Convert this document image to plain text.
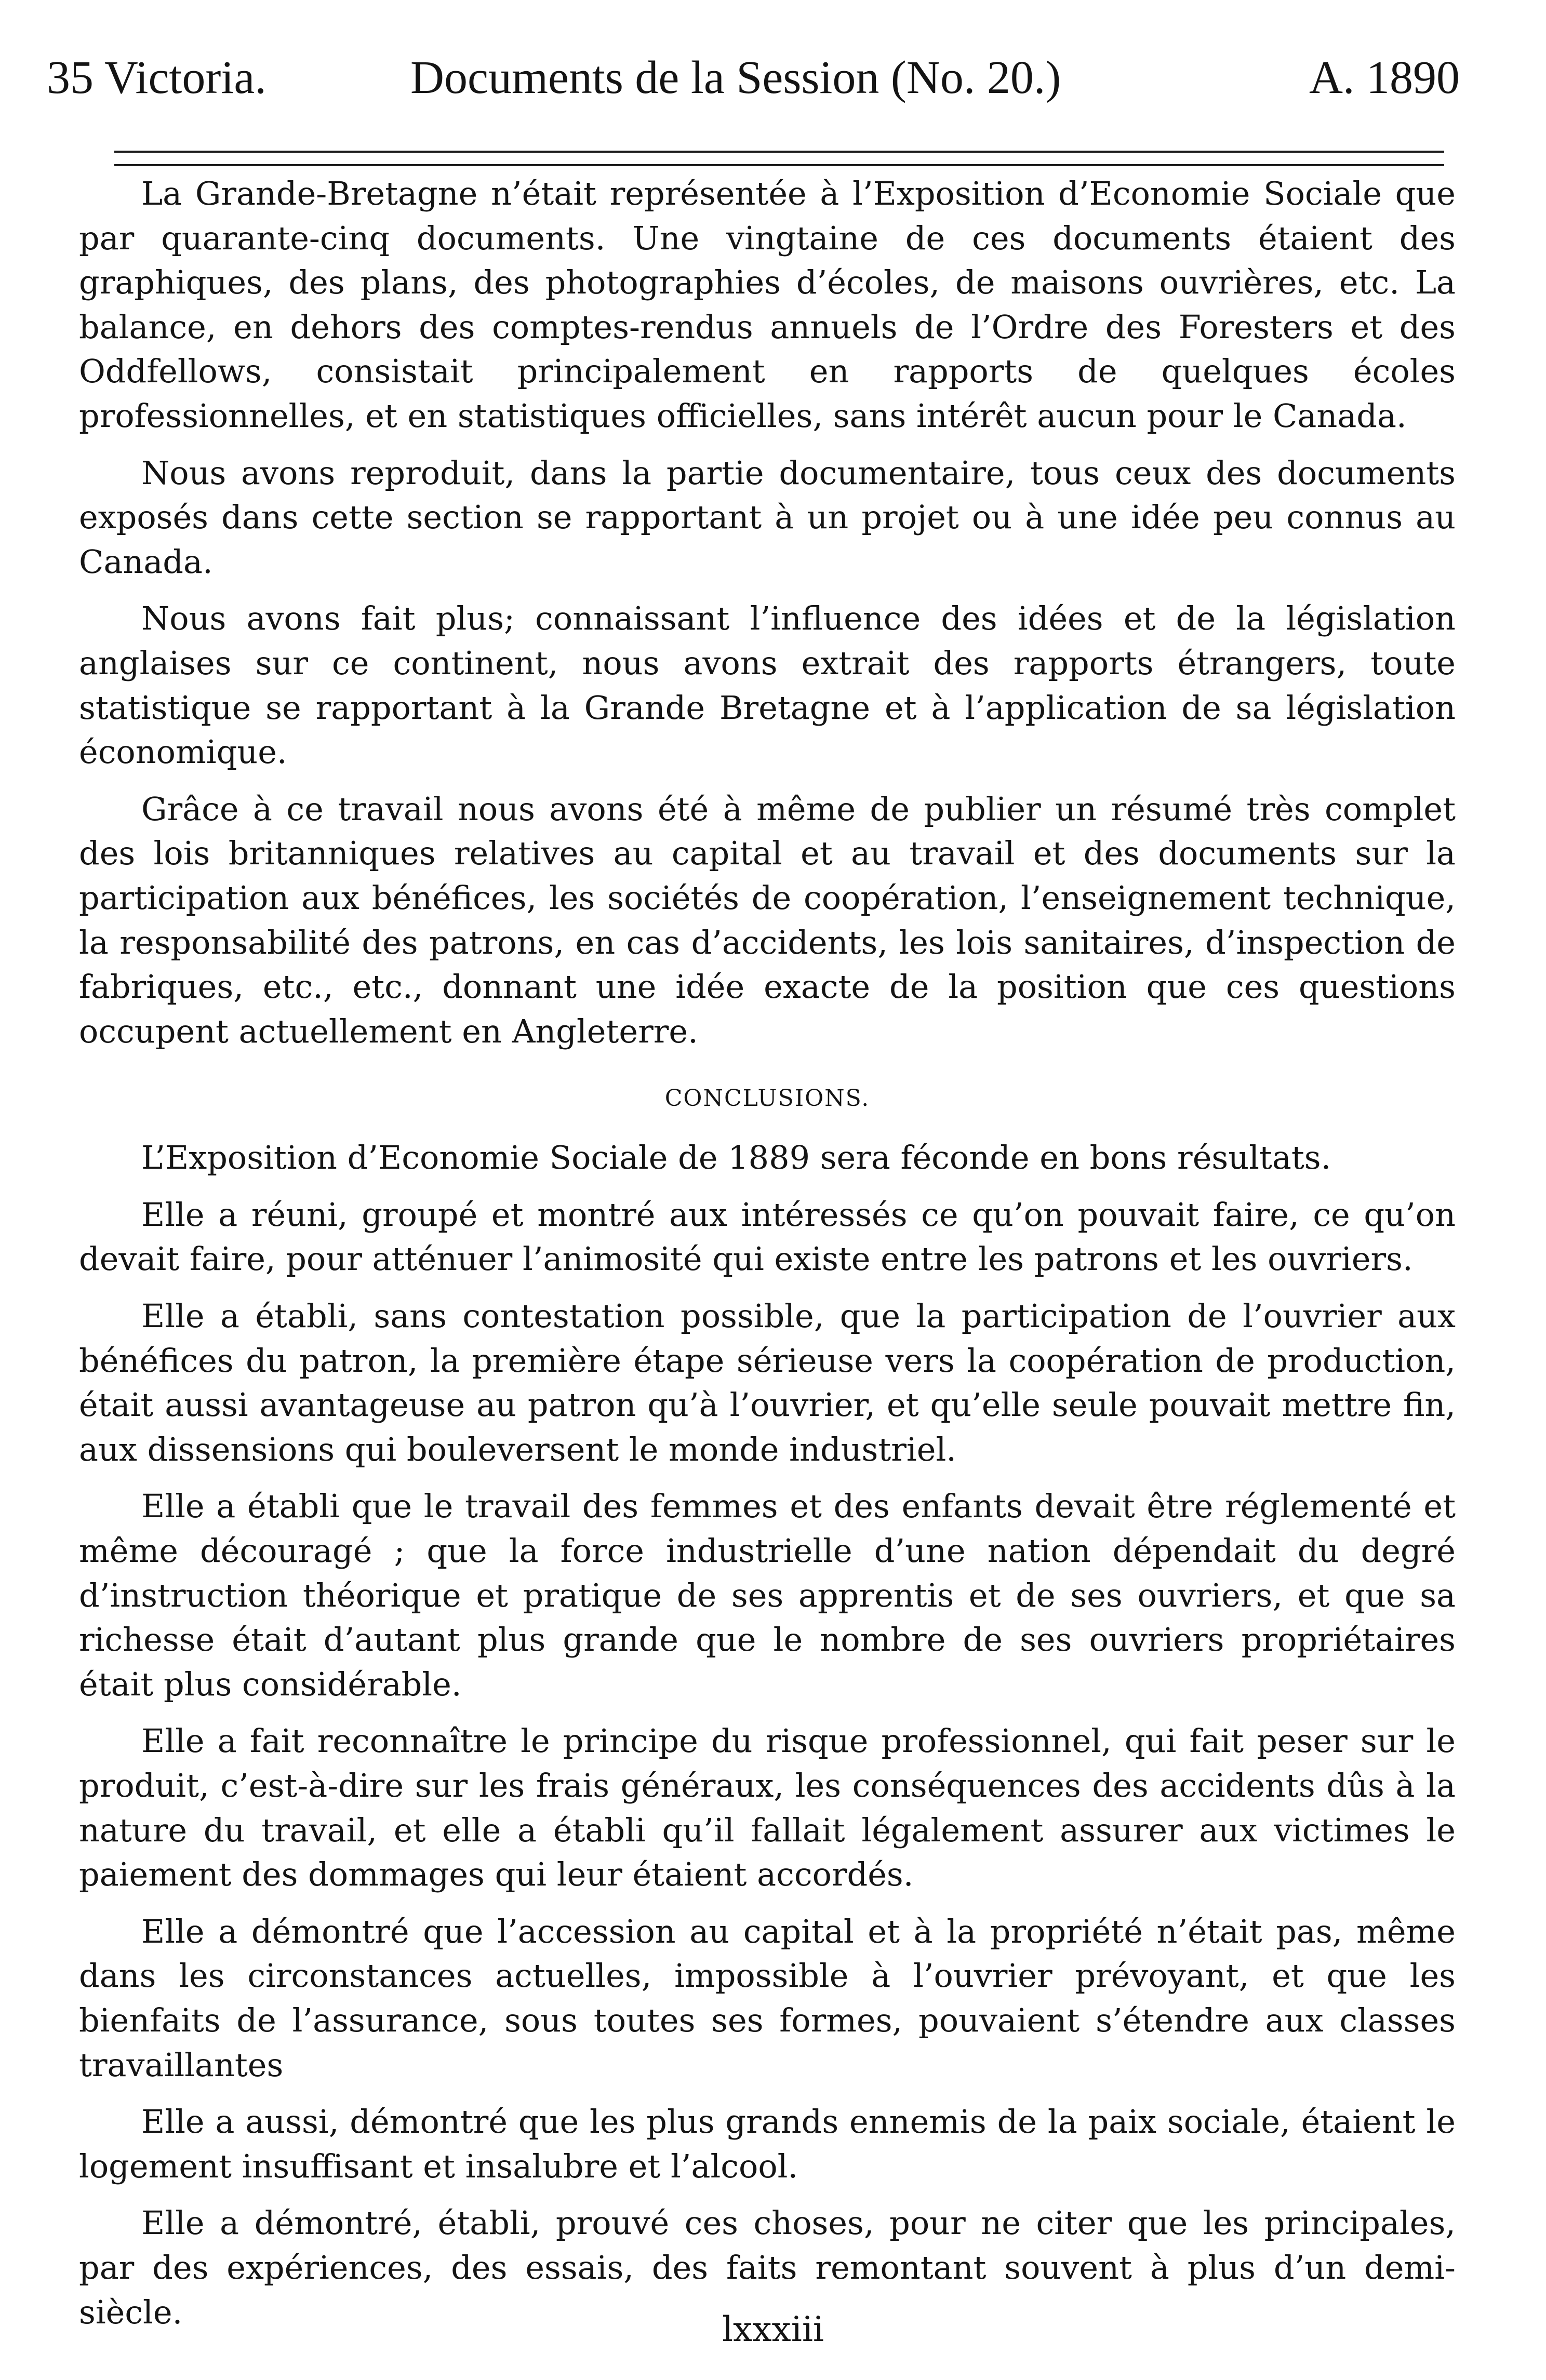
35 Victoria.	Documents de la Session (No. 20.)	A. 1890

La Grande-Bretagne n’était représentée à l’Exposition d’Economie Sociale que par quarante-cinq documents. Une vingtaine de ces documents étaient des graphiques, des plans, des photographies d’écoles, de maisons ouvrières, etc. La balance, en dehors des comptes-rendus annuels de l’Ordre des Foresters et des Oddfellows, consistait principalement en rapports de quelques écoles professionnelles, et en statistiques officielles, sans intérêt aucun pour le Canada.

Nous avons reproduit, dans la partie documentaire, tous ceux des documents exposés dans cette section se rapportant à un projet ou à une idée peu connus au Canada.

Nous avons fait plus; connaissant l’influence des idées et de la législation anglaises sur ce continent, nous avons extrait des rapports étrangers, toute statistique se rapportant à la Grande Bretagne et à l’application de sa législation économique.

Grâce à ce travail nous avons été à même de publier un résumé très complet des lois britanniques relatives au capital et au travail et des documents sur la participation aux bénéfices, les sociétés de coopération, l’enseignement technique, la responsabilité des patrons, en cas d’accidents, les lois sanitaires, d’inspection de fabriques, etc., etc., donnant une idée exacte de la position que ces questions occupent actuellement en Angleterre.

CONCLUSIONS.

L’Exposition d’Economie Sociale de 1889 sera féconde en bons résultats.

Elle a réuni, groupé et montré aux intéressés ce qu’on pouvait faire, ce qu’on devait faire, pour atténuer l’animosité qui existe entre les patrons et les ouvriers.

Elle a établi, sans contestation possible, que la participation de l’ouvrier aux bénéfices du patron, la première étape sérieuse vers la coopération de production, était aussi avantageuse au patron qu’à l’ouvrier, et qu’elle seule pouvait mettre fin, aux dissensions qui bouleversent le monde industriel.

Elle a établi que le travail des femmes et des enfants devait être réglementé et même découragé ; que la force industrielle d’une nation dépendait du degré d’instruction théorique et pratique de ses apprentis et de ses ouvriers, et que sa richesse était d’autant plus grande que le nombre de ses ouvriers propriétaires était plus considérable.

Elle a fait reconnaître le principe du risque professionnel, qui fait peser sur le produit, c’est-à-dire sur les frais généraux, les conséquences des accidents dûs à la nature du travail, et elle a établi qu’il fallait légalement assurer aux victimes le paiement des dommages qui leur étaient accordés.

Elle a démontré que l’accession au capital et à la propriété n’était pas, même dans les circonstances actuelles, impossible à l’ouvrier prévoyant, et que les bienfaits de l’assurance, sous toutes ses formes, pouvaient s’étendre aux classes travaillantes

Elle a aussi, démontré que les plus grands ennemis de la paix sociale, étaient le logement insuffisant et insalubre et l’alcool.

Elle a démontré, établi, prouvé ces choses, pour ne citer que les principales, par des expériences, des essais, des faits remontant souvent à plus d’un demi-siècle.	lxxxiii
